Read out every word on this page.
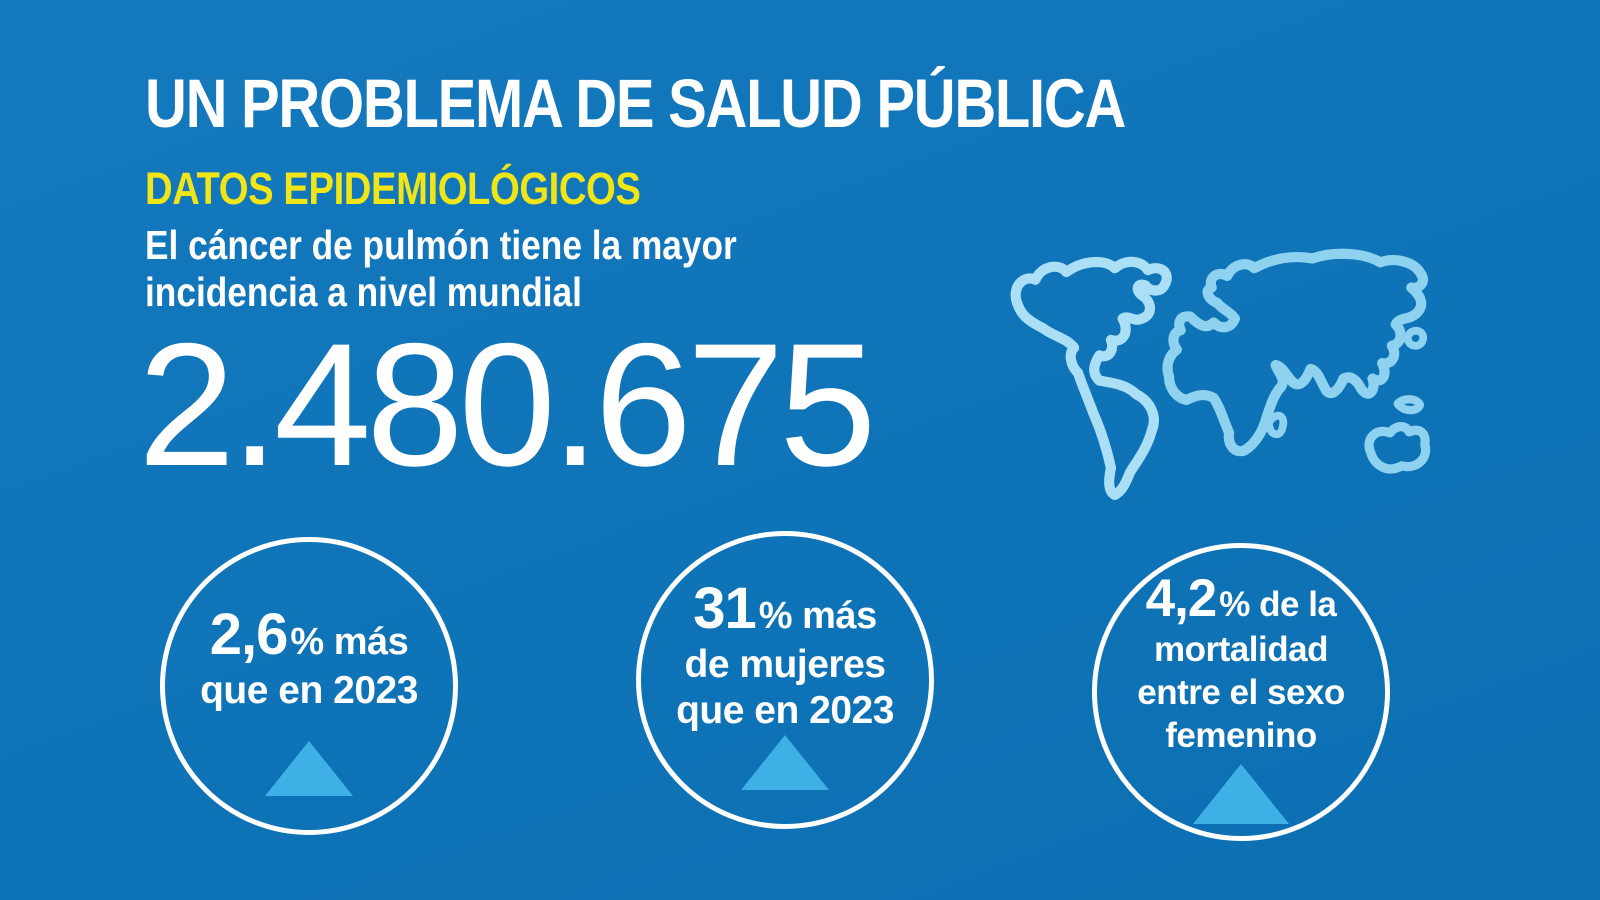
UN PROBLEMA DE SALUD PÚBLICA
DATOS EPIDEMIOLÓGICOS

El cáncer de pulmón tiene la mayor
incidencia a nivel mundial

2.480.675
2,6 % más
que en 2023
31 % más
de mujeres
que en 2023
4,2 % de la
mortalidad
entre el sexo
femenino
